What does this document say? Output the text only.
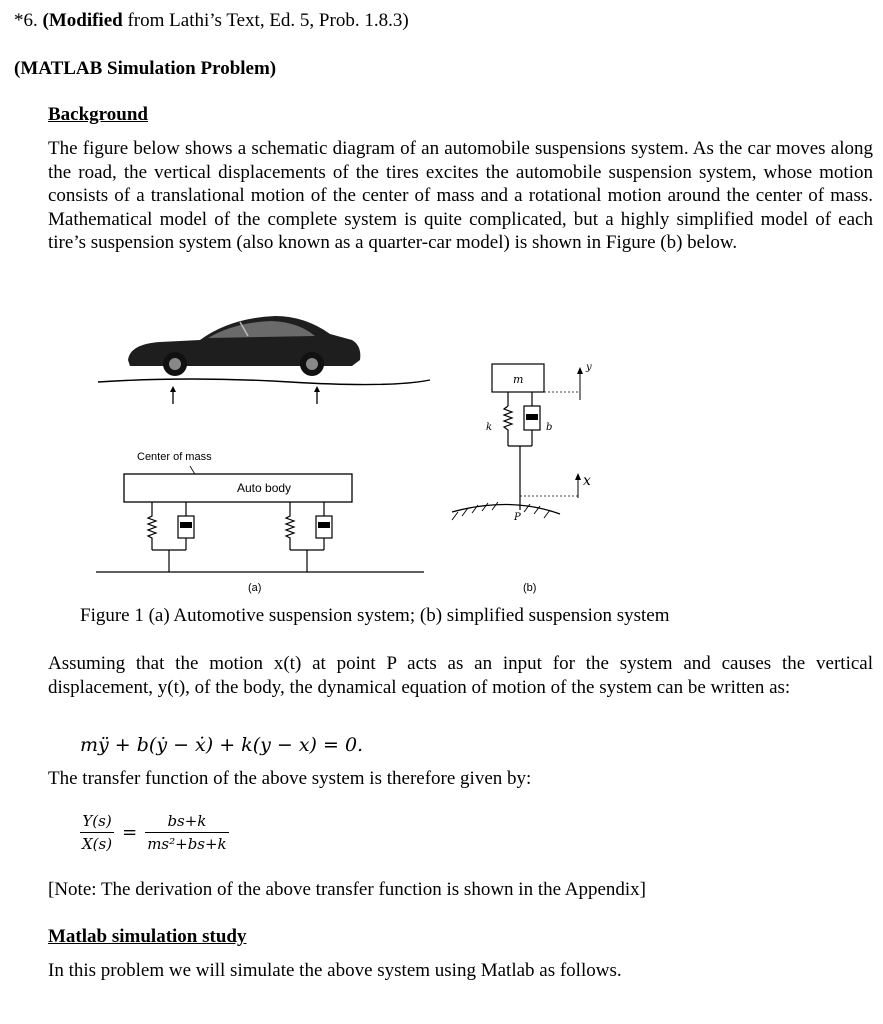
*6. (Modified from Lathi’s Text, Ed. 5, Prob. 1.8.3)
(MATLAB Simulation Problem)
Background
The figure below shows a schematic diagram of an automobile suspensions system. As the car moves along the road, the vertical displacements of the tires excites the automobile suspension system, whose motion consists of a translational motion of the center of mass and a rotational motion around the center of mass. Mathematical model of the complete system is quite complicated, but a highly simplified model of each tire’s suspension system (also known as a quarter-car model) is shown in Figure (b) below.
Center of mass
Auto body
(a)
m
y
k	b
P
x
(b)
Figure 1 (a) Automotive suspension system; (b) simplified suspension system
Assuming that the motion x(t) at point P acts as an input for the system and causes the vertical displacement, y(t), of the body, the dynamical equation of motion of the system can be written as:
mÿ + b(ẏ − ẋ) + k(y − x) = 0.
The transfer function of the above system is therefore given by:
$\frac{Y(s)}{X(s)} = \frac{bs+k}{\text{ms²+bs+k}}$
[Note: The derivation of the above transfer function is shown in the Appendix]
Matlab simulation study
In this problem we will simulate the above system using Matlab as follows.
